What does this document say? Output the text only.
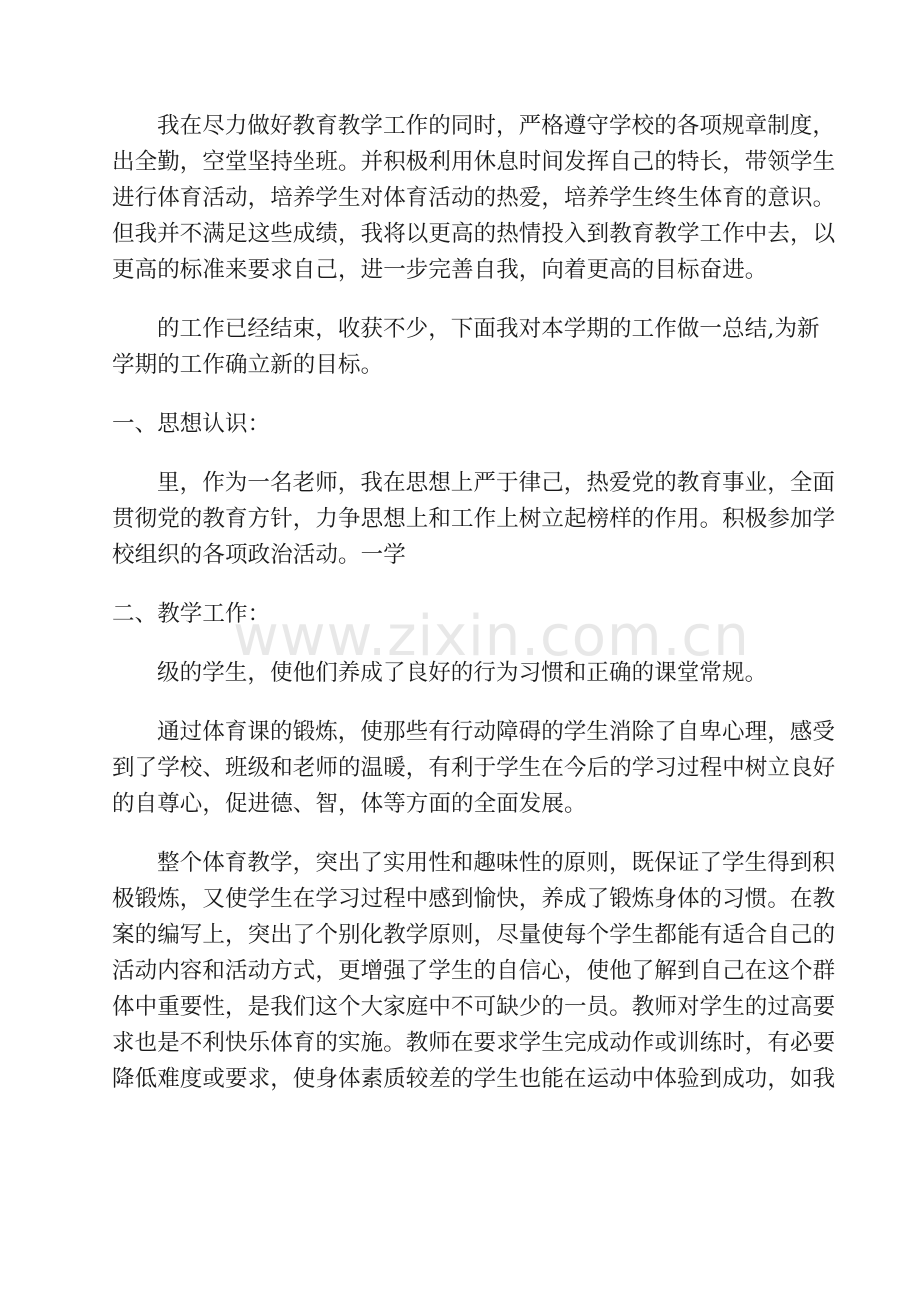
我在尽力做好教育教学工作的同时，严格遵守学校的各项规章制度，
出全勤，空堂坚持坐班。并积极利用休息时间发挥自己的特长，带领学生
进行体育活动，培养学生对体育活动的热爱，培养学生终生体育的意识。
但我并不满足这些成绩，我将以更高的热情投入到教育教学工作中去，以
更高的标准来要求自己，进一步完善自我，向着更高的目标奋进。
的工作已经结束，收获不少，下面我对本学期的工作做一总结,为新
学期的工作确立新的目标。
一、思想认识：
里，作为一名老师，我在思想上严于律己，热爱党的教育事业，全面
贯彻党的教育方针，力争思想上和工作上树立起榜样的作用。积极参加学
校组织的各项政治活动。一学
二、教学工作：
级的学生，使他们养成了良好的行为习惯和正确的课堂常规。
通过体育课的锻炼，使那些有行动障碍的学生消除了自卑心理，感受
到了学校、班级和老师的温暖，有利于学生在今后的学习过程中树立良好
的自尊心，促进德、智，体等方面的全面发展。
整个体育教学，突出了实用性和趣味性的原则，既保证了学生得到积
极锻炼，又使学生在学习过程中感到愉快，养成了锻炼身体的习惯。在教
案的编写上，突出了个别化教学原则，尽量使每个学生都能有适合自己的
活动内容和活动方式，更增强了学生的自信心，使他了解到自己在这个群
体中重要性，是我们这个大家庭中不可缺少的一员。教师对学生的过高要
求也是不利快乐体育的实施。教师在要求学生完成动作或训练时，有必要
降低难度或要求，使身体素质较差的学生也能在运动中体验到成功，如我
www.zixin.com.cn
